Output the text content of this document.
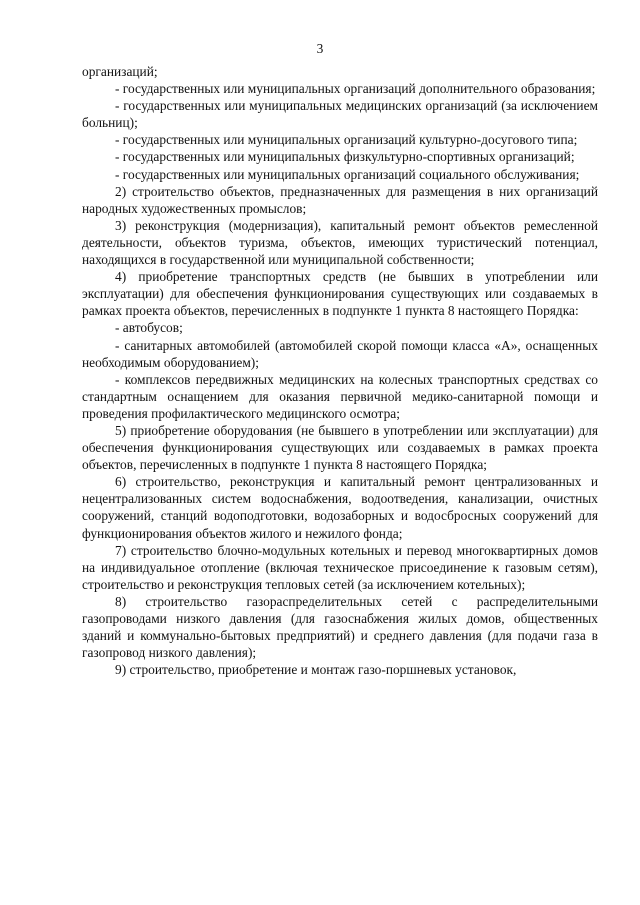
3

организаций;

- государственных или муниципальных организаций дополнительного образования;

- государственных или муниципальных медицинских организаций (за исключением больниц);

- государственных или муниципальных организаций культурно-досугового типа;

- государственных или муниципальных физкультурно-спортивных организаций;

- государственных или муниципальных организаций социального обслуживания;

2) строительство объектов, предназначенных для размещения в них организаций народных художественных промыслов;

3) реконструкция (модернизация), капитальный ремонт объектов ремесленной деятельности, объектов туризма, объектов, имеющих туристический потенциал, находящихся в государственной или муниципальной собственности;

4) приобретение транспортных средств (не бывших в употреблении или эксплуатации) для обеспечения функционирования существующих или создаваемых в рамках проекта объектов, перечисленных в подпункте 1 пункта 8 настоящего Порядка:

- автобусов;

- санитарных автомобилей (автомобилей скорой помощи класса «А», оснащенных необходимым оборудованием);

- комплексов передвижных медицинских на колесных транспортных средствах со стандартным оснащением для оказания первичной медико-санитарной помощи и проведения профилактического медицинского осмотра;

5) приобретение оборудования (не бывшего в употреблении или эксплуатации) для обеспечения функционирования существующих или создаваемых в рамках проекта объектов, перечисленных в подпункте 1 пункта 8 настоящего Порядка;

6) строительство, реконструкция и капитальный ремонт централизованных и нецентрализованных систем водоснабжения, водоотведения, канализации, очистных сооружений, станций водоподготовки, водозаборных и водосбросных сооружений для функционирования объектов жилого и нежилого фонда;

7) строительство блочно-модульных котельных и перевод многоквартирных домов на индивидуальное отопление (включая техническое присоединение к газовым сетям), строительство и реконструкция тепловых сетей (за исключением котельных);

8) строительство газораспределительных сетей с распределительными газопроводами низкого давления (для газоснабжения жилых домов, общественных зданий и коммунально-бытовых предприятий) и среднего давления (для подачи газа в газопровод низкого давления);

9) строительство, приобретение и монтаж газо-поршневых установок,
